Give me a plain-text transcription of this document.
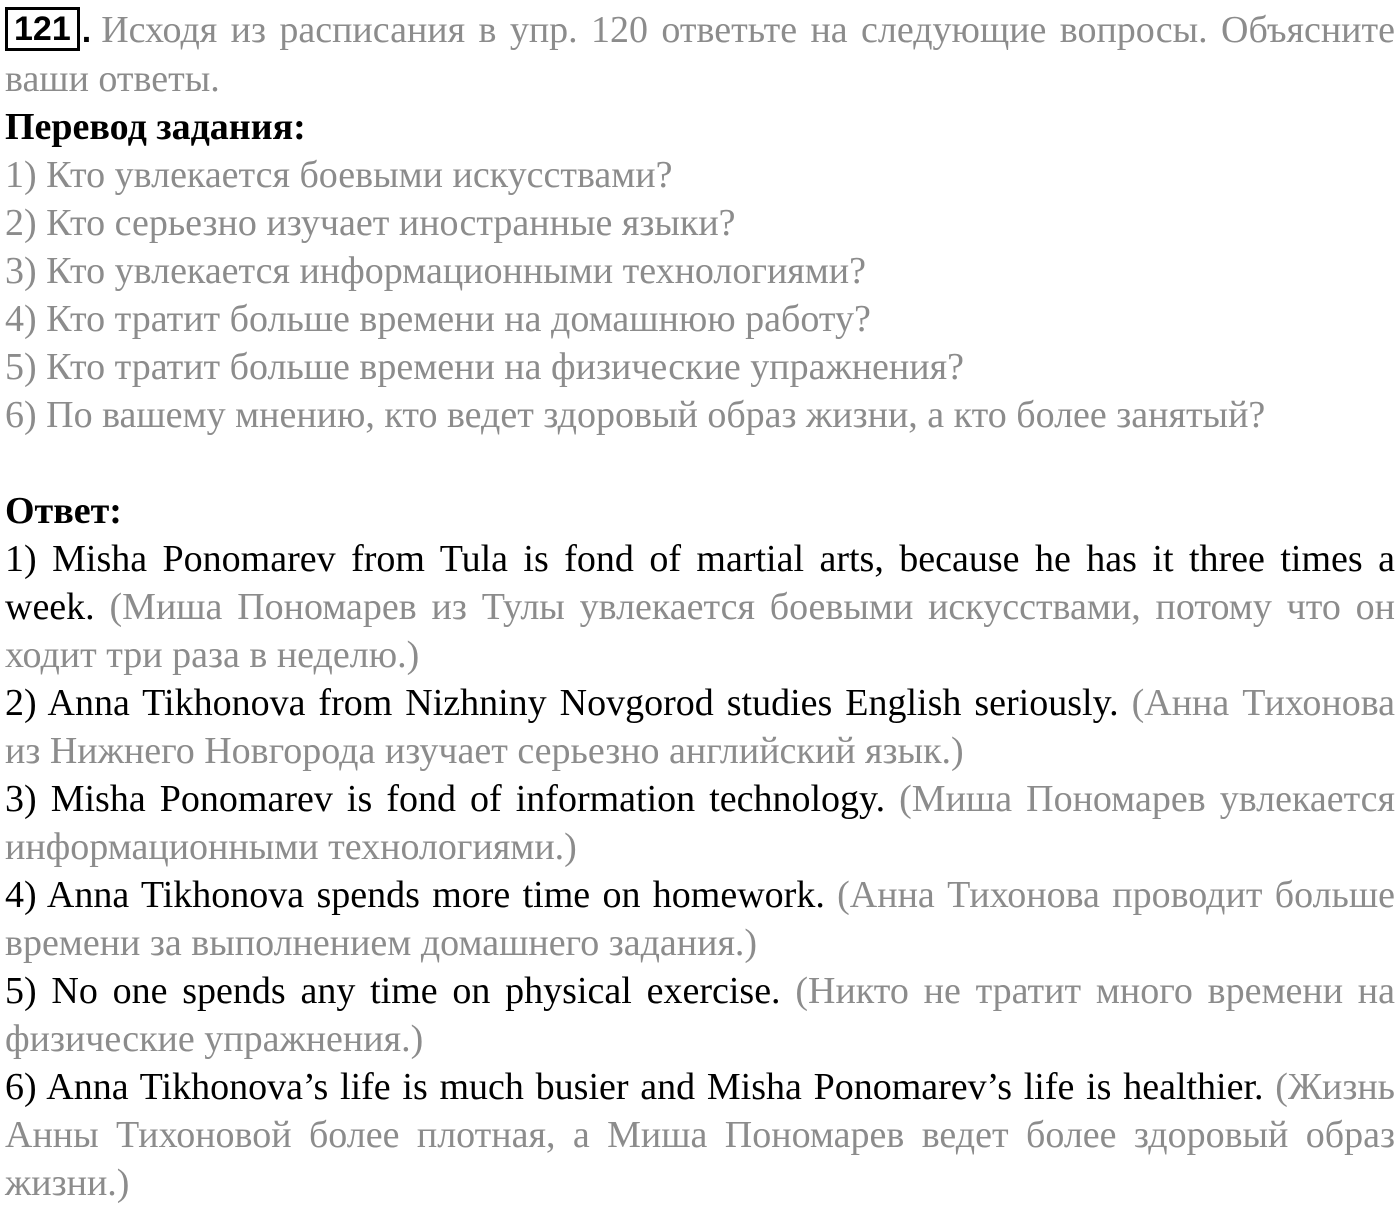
121 . Исходя из расписания в упр. 120 ответьте на следующие вопросы. Объясните ваши ответы.

Перевод задания:

1) Кто увлекается боевыми искусствами?

2) Кто серьезно изучает иностранные языки?

3) Кто увлекается информационными технологиями?

4) Кто тратит больше времени на домашнюю работу?

5) Кто тратит больше времени на физические упражнения?

6) По вашему мнению, кто ведет здоровый образ жизни, а кто более занятый?

Ответ:

1) Misha Ponomarev from Tula is fond of martial arts, because he has it three times a week. (Миша Пономарев из Тулы увлекается боевыми искусствами, потому что он ходит три раза в неделю.)

2) Anna Tikhonova from Nizhniny Novgorod studies English seriously. (Анна Тихонова из Нижнего Новгорода изучает серьезно английский язык.)

3) Misha Ponomarev is fond of information technology. (Миша Пономарев увлекается информационными технологиями.)

4) Anna Tikhonova spends more time on homework. (Анна Тихонова проводит больше времени за выполнением домашнего задания.)

5) No one spends any time on physical exercise. (Никто не тратит много времени на физические упражнения.)

6) Anna Tikhonova’s life is much busier and Misha Ponomarev’s life is healthier. (Жизнь Анны Тихоновой более плотная, а Миша Пономарев ведет более здоровый образ жизни.)
